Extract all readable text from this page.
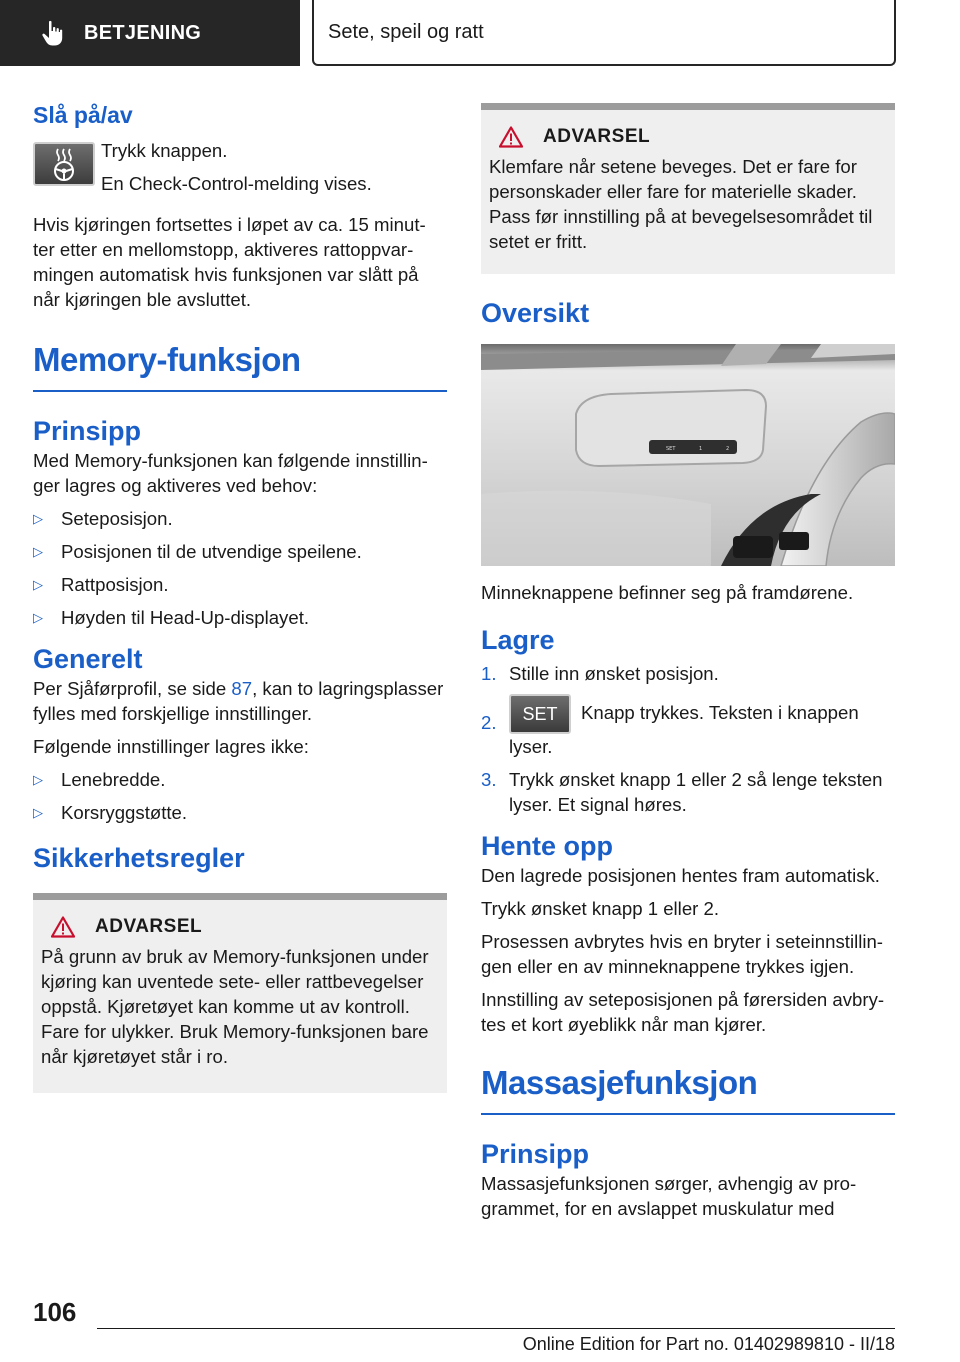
BETJENING	Sete, speil og ratt
Slå på/av

Trykk knappen.

En Check-Control-melding vises.

Hvis kjøringen fortsettes i løpet av ca. 15 minut-ter etter en mellomstopp, aktiveres rattoppvar-mingen automatisk hvis funksjonen var slått på når kjøringen ble avsluttet.

Memory-funksjon
Prinsipp

Med Memory-funksjonen kan følgende innstillin-ger lagres og aktiveres ved behov:

▷ Seteposisjon.
▷ Posisjonen til de utvendige speilene.
▷ Rattposisjon.
▷ Høyden til Head-Up-displayet.
Generelt

Per Sjåførprofil, se side 87, kan to lagringsplasser fylles med forskjellige innstillinger.

Følgende innstillinger lagres ikke:

▷ Lenebredde.
▷ Korsryggstøtte.
Sikkerhetsregler
ADVARSEL

På grunn av bruk av Memory-funksjonen under kjøring kan uventede sete- eller rattbevegelser oppstå. Kjøretøyet kan komme ut av kontroll. Fare for ulykker. Bruk Memory-funksjonen bare når kjøretøyet står i ro.

ADVARSEL

Klemfare når setene beveges. Det er fare for personskader eller fare for materielle skader. Pass før innstilling på at bevegelsesområdet til setet er fritt.

Oversikt
SET	1	2

Minneknappene befinner seg på framdørene.

Lagre
1. Stille inn ønsket posisjon.
2.	SET Knapp trykkes. Teksten i knappen lyser.
3. Trykk ønsket knapp 1 eller 2 så lenge teksten lyser. Et signal høres.
Hente opp

Den lagrede posisjonen hentes fram automatisk.

Trykk ønsket knapp 1 eller 2.

Prosessen avbrytes hvis en bryter i seteinnstillin-gen eller en av minneknappene trykkes igjen.

Innstilling av seteposisjonen på førersiden avbry-tes et kort øyeblikk når man kjører.

Massasjefunksjon
Prinsipp

Massasjefunksjonen sørger, avhengig av pro-grammet, for en avslappet muskulatur med

106
Online Edition for Part no. 01402989810 - II/18
